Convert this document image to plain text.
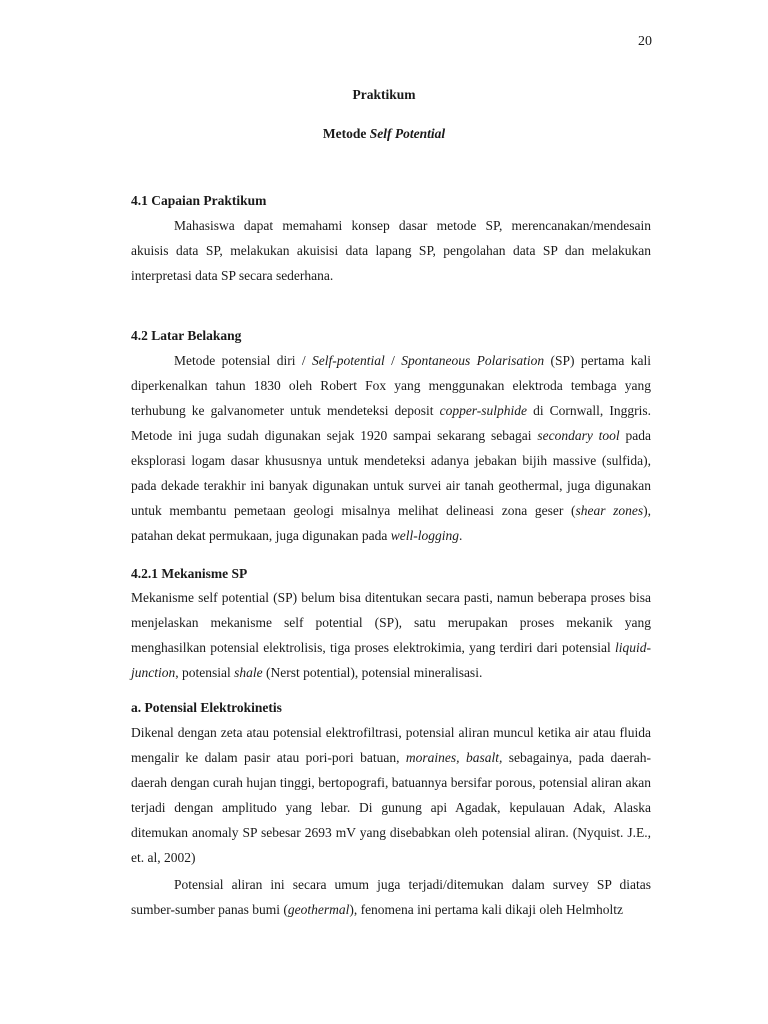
20
Praktikum
Metode Self Potential
4.1 Capaian Praktikum

Mahasiswa dapat memahami konsep dasar metode SP, merencanakan/mendesain akuisis data SP, melakukan akuisisi data lapang SP, pengolahan data SP dan melakukan interpretasi data SP secara sederhana.

4.2 Latar Belakang

Metode potensial diri / Self-potential / Spontaneous Polarisation (SP) pertama kali diperkenalkan tahun 1830 oleh Robert Fox yang menggunakan elektroda tembaga yang terhubung ke galvanometer untuk mendeteksi deposit copper-sulphide di Cornwall, Inggris. Metode ini juga sudah digunakan sejak 1920 sampai sekarang sebagai secondary tool pada eksplorasi logam dasar khususnya untuk mendeteksi adanya jebakan bijih massive (sulfida), pada dekade terakhir ini banyak digunakan untuk survei air tanah geothermal, juga digunakan untuk membantu pemetaan geologi misalnya melihat delineasi zona geser (shear zones), patahan dekat permukaan, juga digunakan pada well-logging.

4.2.1 Mekanisme SP

Mekanisme self potential (SP) belum bisa ditentukan secara pasti, namun beberapa proses bisa menjelaskan mekanisme self potential (SP), satu merupakan proses mekanik yang menghasilkan potensial elektrolisis, tiga proses elektrokimia, yang terdiri dari potensial liquid-junction, potensial shale (Nerst potential), potensial mineralisasi.

a. Potensial Elektrokinetis

Dikenal dengan zeta atau potensial elektrofiltrasi, potensial aliran muncul ketika air atau fluida mengalir ke dalam pasir atau pori-pori batuan, moraines, basalt, sebagainya, pada daerah-daerah dengan curah hujan tinggi, bertopografi, batuannya bersifar porous, potensial aliran akan terjadi dengan amplitudo yang lebar. Di gunung api Agadak, kepulauan Adak, Alaska ditemukan anomaly SP sebesar 2693 mV yang disebabkan oleh potensial aliran. (Nyquist. J.E., et. al, 2002)

Potensial aliran ini secara umum juga terjadi/ditemukan dalam survey SP diatas sumber-sumber panas bumi (geothermal), fenomena ini pertama kali dikaji oleh Helmholtz
